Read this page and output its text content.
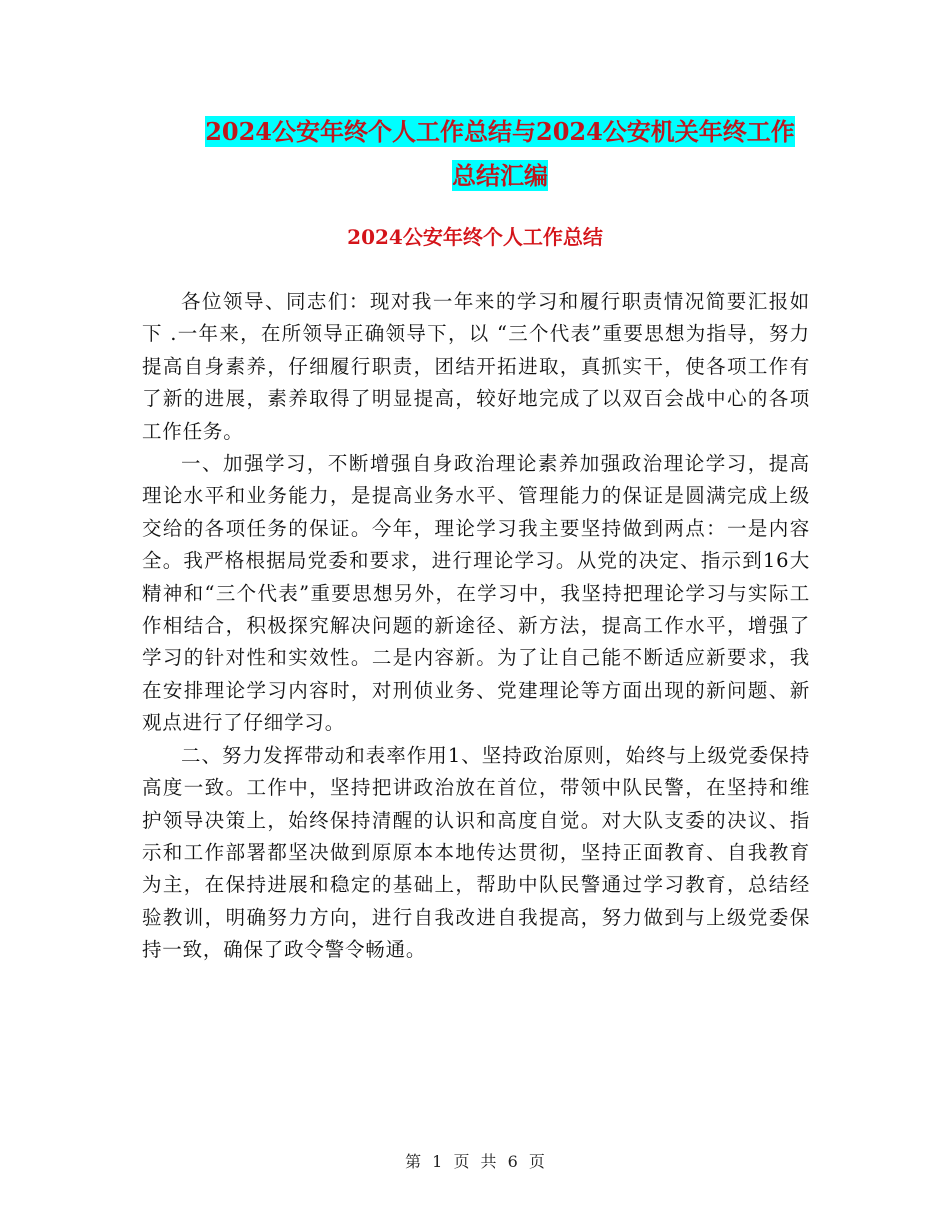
2024公安年终个人工作总结与2024公安机关年终工作
总结汇编
2024公安年终个人工作总结

各位领导、同志们：现对我一年来的学习和履行职责情况简要汇报如下 .一年来，在所领导正确领导下，以 “三个代表”重要思想为指导，努力提高自身素养，仔细履行职责，团结开拓进取，真抓实干，使各项工作有了新的进展，素养取得了明显提高，较好地完成了以双百会战中心的各项工作任务。

一、加强学习，不断增强自身政治理论素养加强政治理论学习，提高理论水平和业务能力，是提高业务水平、管理能力的保证是圆满完成上级交给的各项任务的保证。今年，理论学习我主要坚持做到两点：一是内容全。我严格根据局党委和要求，进行理论学习。从党的决定、指示到16大精神和“三个代表”重要思想另外，在学习中，我坚持把理论学习与实际工作相结合，积极探究解决问题的新途径、新方法，提高工作水平，增强了学习的针对性和实效性。二是内容新。为了让自己能不断适应新要求，我在安排理论学习内容时，对刑侦业务、党建理论等方面出现的新问题、新观点进行了仔细学习。

二、努力发挥带动和表率作用1、坚持政治原则，始终与上级党委保持高度一致。工作中，坚持把讲政治放在首位，带领中队民警，在坚持和维护领导决策上，始终保持清醒的认识和高度自觉。对大队支委的决议、指示和工作部署都坚决做到原原本本地传达贯彻，坚持正面教育、自我教育为主，在保持进展和稳定的基础上，帮助中队民警通过学习教育，总结经验教训，明确努力方向，进行自我改进自我提高，努力做到与上级党委保持一致，确保了政令警令畅通。

第 1 页 共 6 页
